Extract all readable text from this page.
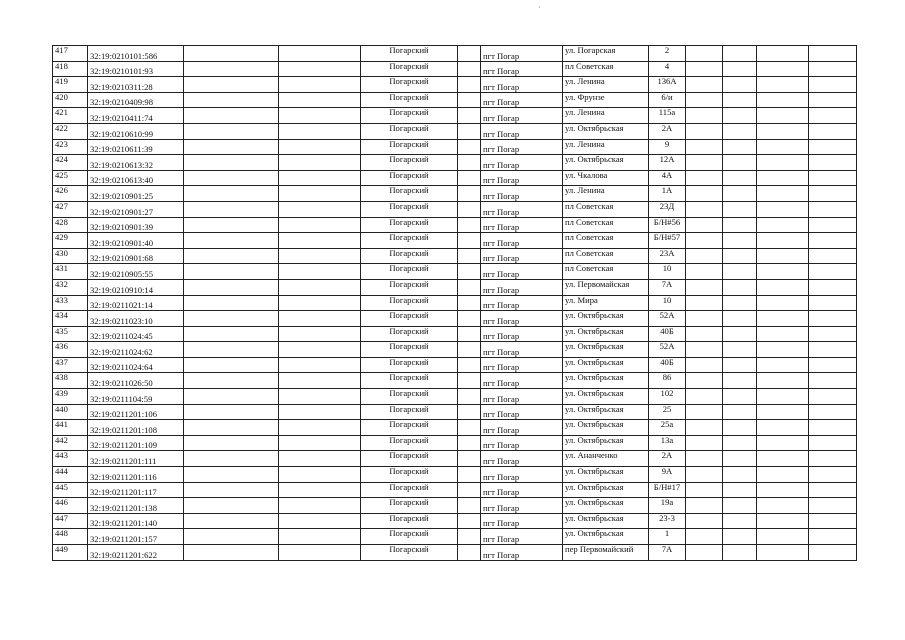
·
417	32:19:0210101:586			Погарский		пгт Погар	ул. Погарская	2				
418	32:19:0210101:93			Погарский		пгт Погар	пл Советская	4				
419	32:19:0210311:28			Погарский		пгт Погар	ул. Ленина	136А				
420	32:19:0210409:98			Погарский		пгт Погар	ул. Фрунзе	6/и				
421	32:19:0210411:74			Погарский		пгт Погар	ул. Ленина	115а				
422	32:19:0210610:99			Погарский		пгт Погар	ул. Октябрьская	2А				
423	32:19:0210611:39			Погарский		пгт Погар	ул. Ленина	9				
424	32:19:0210613:32			Погарский		пгт Погар	ул. Октябрьская	12А				
425	32:19:0210613:40			Погарский		пгт Погар	ул. Чкалова	4А				
426	32:19:0210901:25			Погарский		пгт Погар	ул. Ленина	1А				
427	32:19:0210901:27			Погарский		пгт Погар	пл Советская	23Д				
428	32:19:0210901:39			Погарский		пгт Погар	пл Советская	Б/Н#56				
429	32:19:0210901:40			Погарский		пгт Погар	пл Советская	Б/Н#57				
430	32:19:0210901:68			Погарский		пгт Погар	пл Советская	23А				
431	32:19:0210905:55			Погарский		пгт Погар	пл Советская	10				
432	32:19:0210910:14			Погарский		пгт Погар	ул. Первомайская	7А				
433	32:19:0211021:14			Погарский		пгт Погар	ул. Мира	10				
434	32:19:0211023:10			Погарский		пгт Погар	ул. Октябрьская	52А				
435	32:19:0211024:45			Погарский		пгт Погар	ул. Октябрьская	40Б				
436	32:19:0211024:62			Погарский		пгт Погар	ул. Октябрьская	52А				
437	32:19:0211024:64			Погарский		пгт Погар	ул. Октябрьская	40Б				
438	32:19:0211026:50			Погарский		пгт Погар	ул. Октябрьская	86				
439	32:19:0211104:59			Погарский		пгт Погар	ул. Октябрьская	102				
440	32:19:0211201:106			Погарский		пгт Погар	ул. Октябрьская	25				
441	32:19:0211201:108			Погарский		пгт Погар	ул. Октябрьская	25а				
442	32:19:0211201:109			Погарский		пгт Погар	ул. Октябрьская	13а				
443	32:19:0211201:111			Погарский		пгт Погар	ул. Ананченко	2А				
444	32:19:0211201:116			Погарский		пгт Погар	ул. Октябрьская	9А				
445	32:19:0211201:117			Погарский		пгт Погар	ул. Октябрьская	Б/Н#17				
446	32:19:0211201:138			Погарский		пгт Погар	ул. Октябрьская	19а				
447	32:19:0211201:140			Погарский		пгт Погар	ул. Октябрьская	23-3				
448	32:19:0211201:157			Погарский		пгт Погар	ул. Октябрьская	1				
449	32:19:0211201:622			Погарский		пгт Погар	пер Первомайский	7А				
